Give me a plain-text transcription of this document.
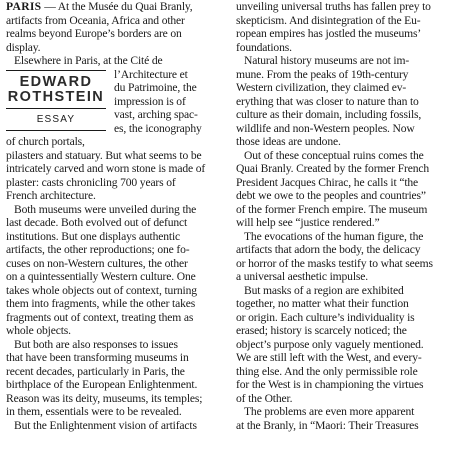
PARIS — At the Musée du Quai Branly,
artifacts from Oceania, Africa and other
realms beyond Europe’s borders are on
display.

Elsewhere in Paris, at the Cité de
EDWARD
ROTHSTEIN
ESSAY
l’Architecture et
du Patrimoine, the
impression is of
vast, arching spac-
es, the iconography
of church portals,
pilasters and statuary. But what seems to be
intricately carved and worn stone is made of
plaster: casts chronicling 700 years of
French architecture.

Both museums were unveiled during the
last decade. Both evolved out of defunct
institutions. But one displays authentic
artifacts, the other reproductions; one fo-
cuses on non-Western cultures, the other
on a quintessentially Western culture. One
takes whole objects out of context, turning
them into fragments, while the other takes
fragments out of context, treating them as
whole objects.

But both are also responses to issues
that have been transforming museums in
recent decades, particularly in Paris, the
birthplace of the European Enlightenment.
Reason was its deity, museums, its temples;
in them, essentials were to be revealed.

But the Enlightenment vision of artifacts

unveiling universal truths has fallen prey to
skepticism. And disintegration of the Eu-
ropean empires has jostled the museums’
foundations.

Natural history museums are not im-
mune. From the peaks of 19th-century
Western civilization, they claimed ev-
erything that was closer to nature than to
culture as their domain, including fossils,
wildlife and non-Western peoples. Now
those ideas are undone.

Out of these conceptual ruins comes the
Quai Branly. Created by the former French
President Jacques Chirac, he calls it “the
debt we owe to the peoples and countries”
of the former French empire. The museum
will help see “justice rendered.”

The evocations of the human figure, the
artifacts that adorn the body, the delicacy
or horror of the masks testify to what seems
a universal aesthetic impulse.

But masks of a region are exhibited
together, no matter what their function
or origin. Each culture’s individuality is
erased; history is scarcely noticed; the
object’s purpose only vaguely mentioned.
We are still left with the West, and every-
thing else. And the only permissible role
for the West is in championing the virtues
of the Other.

The problems are even more apparent
at the Branly, in “Maori: Their Treasures
